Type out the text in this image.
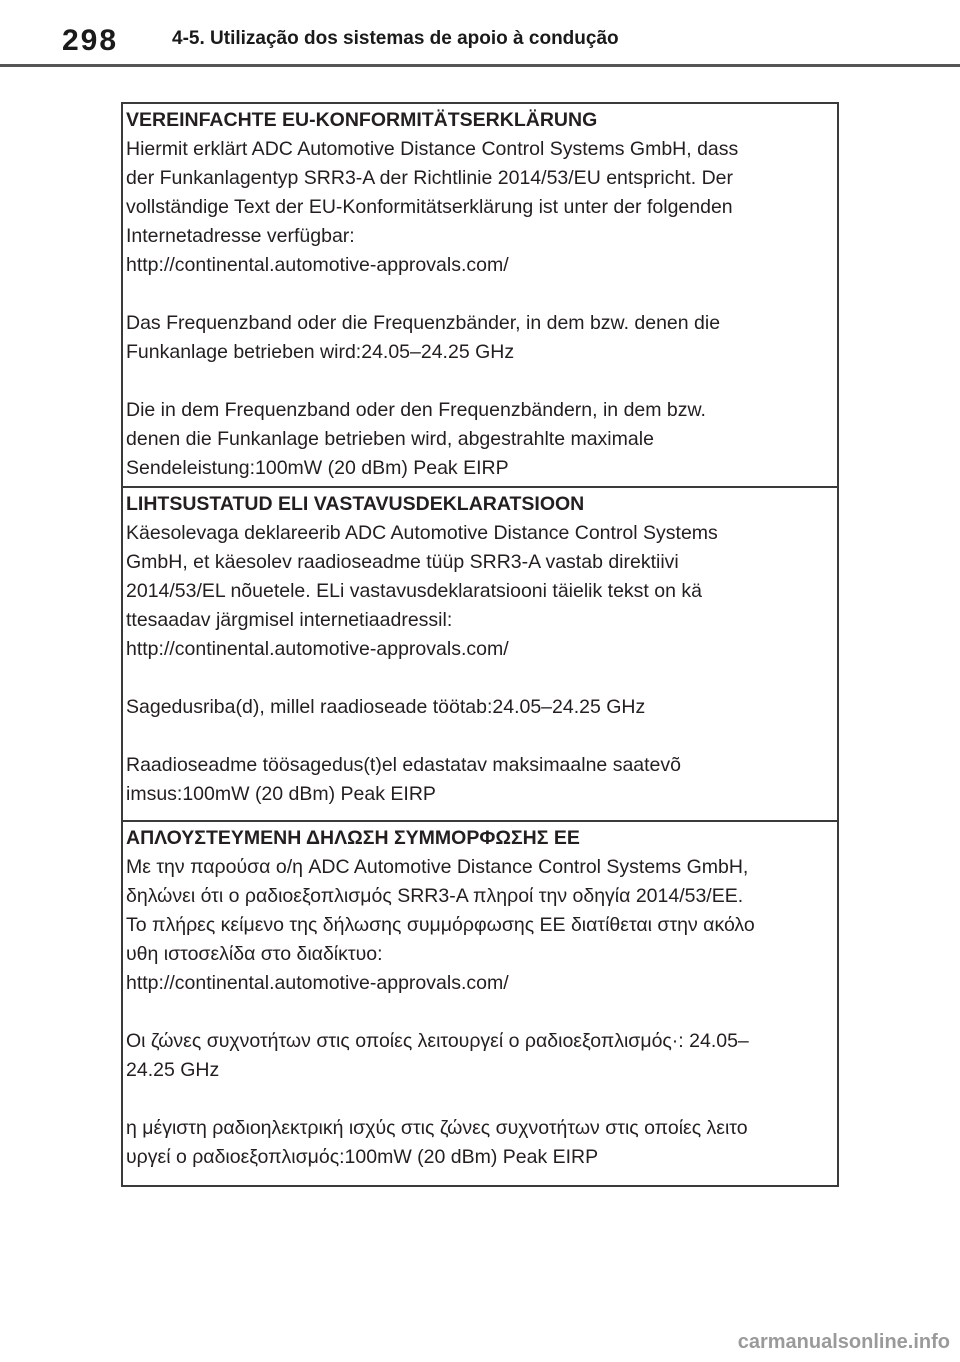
298	4-5. Utilização dos sistemas de apoio à condução
VEREINFACHTE EU-KONFORMITÄTSERKLÄRUNG

Hiermit erklärt ADC Automotive Distance Control Systems GmbH, dass

der Funkanlagentyp SRR3-A der Richtlinie 2014/53/EU entspricht. Der

vollständige Text der EU-Konformitätserklärung ist unter der folgenden

Internetadresse verfügbar:

http://continental.automotive-approvals.com/

Das Frequenzband oder die Frequenzbänder, in dem bzw. denen die

Funkanlage betrieben wird:24.05–24.25 GHz

Die in dem Frequenzband oder den Frequenzbändern, in dem bzw.

denen die Funkanlage betrieben wird, abgestrahlte maximale

Sendeleistung:100mW (20 dBm) Peak EIRP

LIHTSUSTATUD ELI VASTAVUSDEKLARATSIOON

Käesolevaga deklareerib ADC Automotive Distance Control Systems

GmbH, et käesolev raadioseadme tüüp SRR3-A vastab direktiivi

2014/53/EL nõuetele. ELi vastavusdeklaratsiooni täielik tekst on kä

ttesaadav järgmisel internetiaadressil:

http://continental.automotive-approvals.com/

Sagedusriba(d), millel raadioseade töötab:24.05–24.25 GHz

Raadioseadme töösagedus(t)el edastatav maksimaalne saatevõ

imsus:100mW (20 dBm) Peak EIRP

ΑΠΛΟΥΣΤΕΥΜΕΝΗ ΔΗΛΩΣΗ ΣΥΜΜΟΡΦΩΣΗΣ ΕΕ

Με την παρούσα ο/η ADC Automotive Distance Control Systems GmbH,

δηλώνει ότι ο ραδιοεξοπλισμός SRR3-A πληροί την οδηγία 2014/53/ΕΕ.

Το πλήρες κείμενο της δήλωσης συμμόρφωσης ΕΕ διατίθεται στην ακόλο

υθη ιστοσελίδα στο διαδίκτυο:

http://continental.automotive-approvals.com/

Οι ζώνες συχνοτήτων στις οποίες λειτουργεί ο ραδιοεξοπλισμός·: 24.05–

24.25 GHz

η μέγιστη ραδιοηλεκτρική ισχύς στις ζώνες συχνοτήτων στις οποίες λειτο

υργεί ο ραδιοεξοπλισμός:100mW (20 dBm) Peak EIRP

carmanualsonline.info
